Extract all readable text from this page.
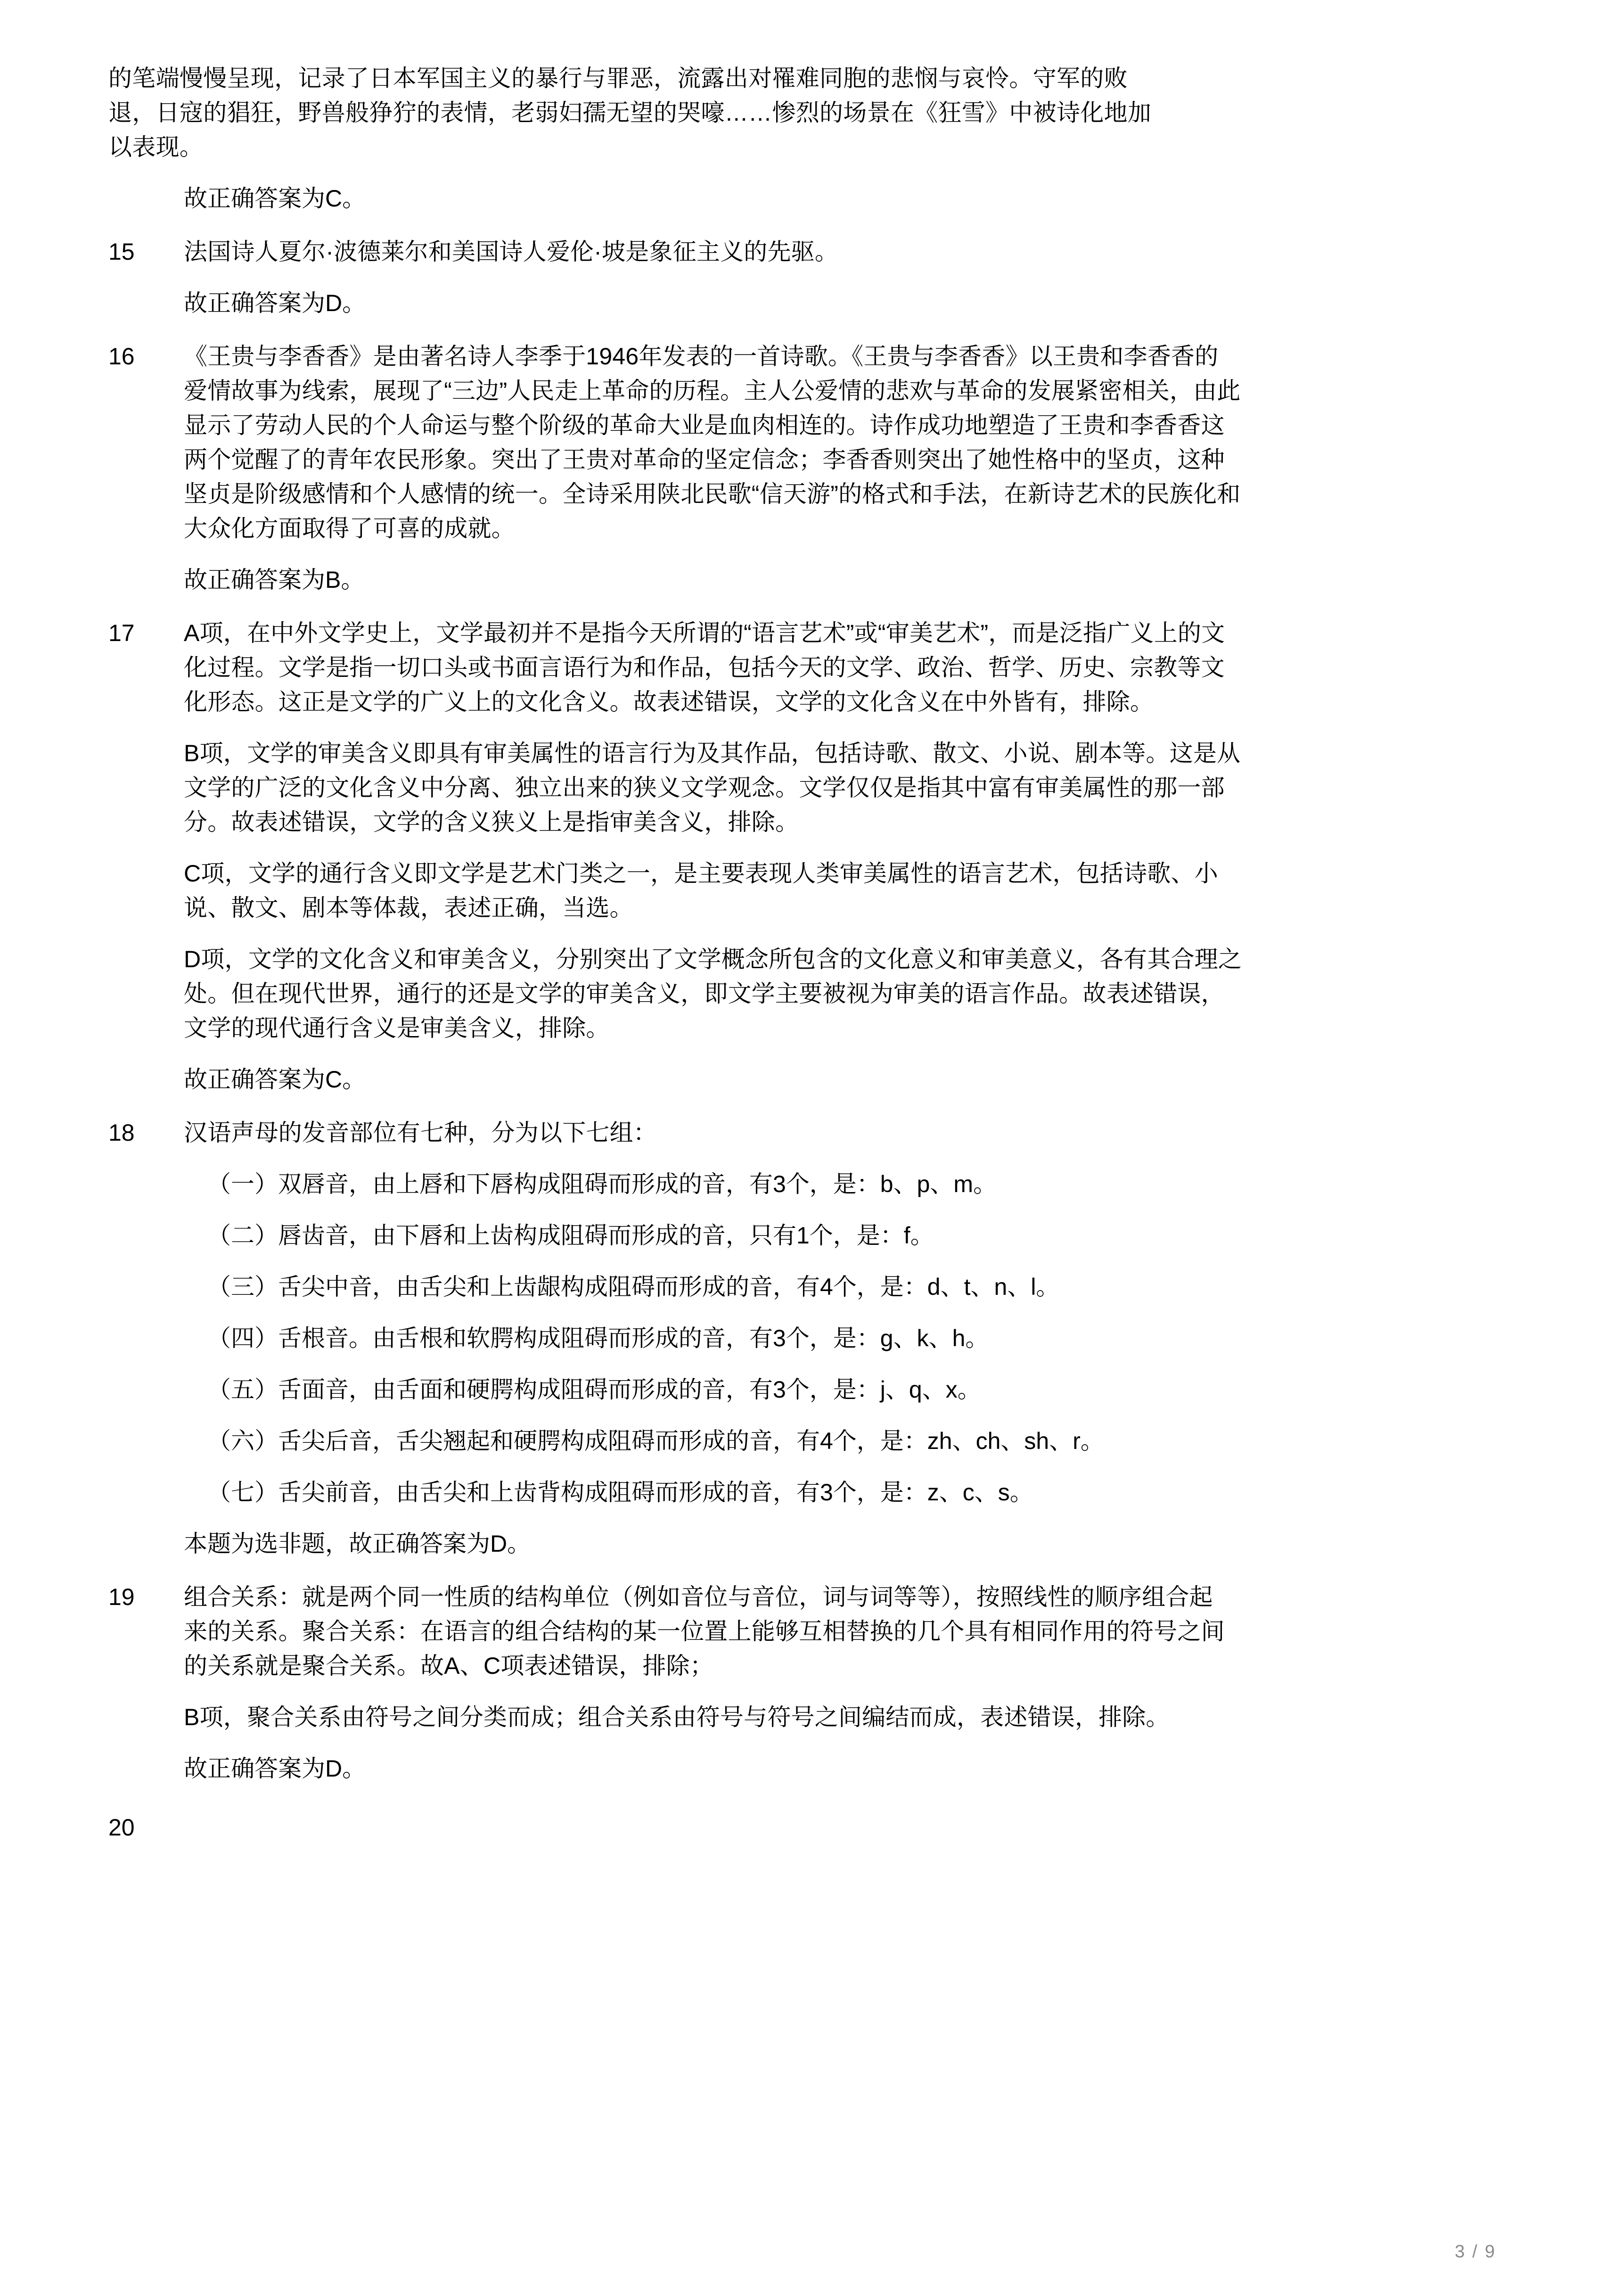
的笔端慢慢呈现，记录了日本军国主义的暴行与罪恶，流露出对罹难同胞的悲悯与哀怜。守军的败
退，日寇的猖狂，野兽般狰狞的表情，老弱妇孺无望的哭嚎……惨烈的场景在《狂雪》中被诗化地加
以表现。
故正确答案为C。
15	法国诗人夏尔·波德莱尔和美国诗人爱伦·坡是象征主义的先驱。
故正确答案为D。
16	《王贵与李香香》是由著名诗人李季于1946年发表的一首诗歌。《王贵与李香香》以王贵和李香香的
爱情故事为线索，展现了“三边”人民走上革命的历程。主人公爱情的悲欢与革命的发展紧密相关，由此
显示了劳动人民的个人命运与整个阶级的革命大业是血肉相连的。诗作成功地塑造了王贵和李香香这
两个觉醒了的青年农民形象。突出了王贵对革命的坚定信念；李香香则突出了她性格中的坚贞，这种
坚贞是阶级感情和个人感情的统一。全诗采用陕北民歌“信天游”的格式和手法，在新诗艺术的民族化和
大众化方面取得了可喜的成就。
故正确答案为B。
17	A项，在中外文学史上，文学最初并不是指今天所谓的“语言艺术”或“审美艺术”，而是泛指广义上的文
化过程。文学是指一切口头或书面言语行为和作品，包括今天的文学、政治、哲学、历史、宗教等文
化形态。这正是文学的广义上的文化含义。故表述错误，文学的文化含义在中外皆有，排除。
B项，文学的审美含义即具有审美属性的语言行为及其作品，包括诗歌、散文、小说、剧本等。这是从
文学的广泛的文化含义中分离、独立出来的狭义文学观念。文学仅仅是指其中富有审美属性的那一部
分。故表述错误，文学的含义狭义上是指审美含义，排除。
C项，文学的通行含义即文学是艺术门类之一，是主要表现人类审美属性的语言艺术，包括诗歌、小
说、散文、剧本等体裁，表述正确，当选。
D项，文学的文化含义和审美含义，分别突出了文学概念所包含的文化意义和审美意义，各有其合理之
处。但在现代世界，通行的还是文学的审美含义，即文学主要被视为审美的语言作品。故表述错误，
文学的现代通行含义是审美含义，排除。
故正确答案为C。
18	汉语声母的发音部位有七种，分为以下七组：
（一）双唇音，由上唇和下唇构成阻碍而形成的音，有3个，是：b、p、m。
（二）唇齿音，由下唇和上齿构成阻碍而形成的音，只有1个，是：f。
（三）舌尖中音，由舌尖和上齿龈构成阻碍而形成的音，有4个，是：d、t、n、l。
（四）舌根音。由舌根和软腭构成阻碍而形成的音，有3个，是：g、k、h。
（五）舌面音，由舌面和硬腭构成阻碍而形成的音，有3个，是：j、q、x。
（六）舌尖后音，舌尖翘起和硬腭构成阻碍而形成的音，有4个，是：zh、ch、sh、r。
（七）舌尖前音，由舌尖和上齿背构成阻碍而形成的音，有3个，是：z、c、s。
本题为选非题，故正确答案为D。
19	组合关系：就是两个同一性质的结构单位（例如音位与音位，词与词等等），按照线性的顺序组合起
来的关系。聚合关系：在语言的组合结构的某一位置上能够互相替换的几个具有相同作用的符号之间
的关系就是聚合关系。故A、C项表述错误，排除；
B项，聚合关系由符号之间分类而成；组合关系由符号与符号之间编结而成，表述错误，排除。
故正确答案为D。
20
3 / 9
